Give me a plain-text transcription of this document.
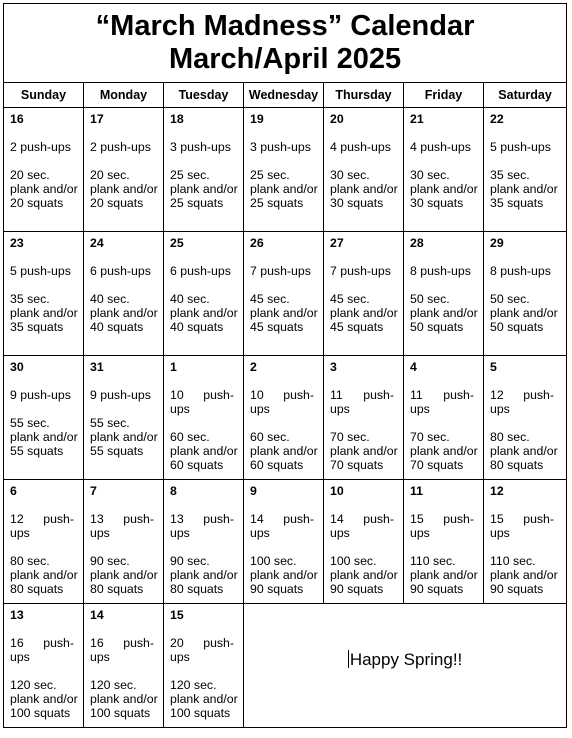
“March Madness” Calendar
March/April 2025						

Sunday	Monday	Tuesday	Wednesday	Thursday	Friday	Saturday

16
2 push-ups
20 sec. plank and/or 20 squats	17
2 push-ups
20 sec. plank and/or 20 squats	18
3 push-ups
25 sec. plank and/or 25 squats	19
3 push-ups
25 sec. plank and/or 25 squats	20
4 push-ups
30 sec. plank and/or 30 squats	21
4 push-ups
30 sec. plank and/or 30 squats	22
5 push-ups
35 sec. plank and/or 35 squats

23
5 push-ups
35 sec. plank and/or 35 squats	24
6 push-ups
40 sec. plank and/or 40 squats	25
6 push-ups
40 sec. plank and/or 40 squats	26
7 push-ups
45 sec. plank and/or 45 squats	27
7 push-ups
45 sec. plank and/or 45 squats	28
8 push-ups
50 sec. plank and/or 50 squats	29
8 push-ups
50 sec. plank and/or 50 squats

30
9 push-ups
55 sec. plank and/or 55 squats	31
9 push-ups
55 sec. plank and/or 55 squats	1
10 push-ups
60 sec. plank and/or 60 squats	2
10 push-ups
60 sec. plank and/or 60 squats	3
11 push-ups
70 sec. plank and/or 70 squats	4
11 push-ups
70 sec. plank and/or 70 squats	5
12 push-ups
80 sec. plank and/or 80 squats

6
12 push-ups
80 sec. plank and/or 80 squats	7
13 push-ups
90 sec. plank and/or 80 squats	8
13 push-ups
90 sec. plank and/or 80 squats	9
14 push-ups
100 sec. plank and/or 90 squats	10
14 push-ups
100 sec. plank and/or 90 squats	11
15 push-ups
110 sec. plank and/or 90 squats	12
15 push-ups
110 sec. plank and/or 90 squats

13
16 push-ups
120 sec. plank and/or 100 squats	14
16 push-ups
120 sec. plank and/or 100 squats	15
20 push-ups
120 sec. plank and/or 100 squats	Happy Spring!!			
